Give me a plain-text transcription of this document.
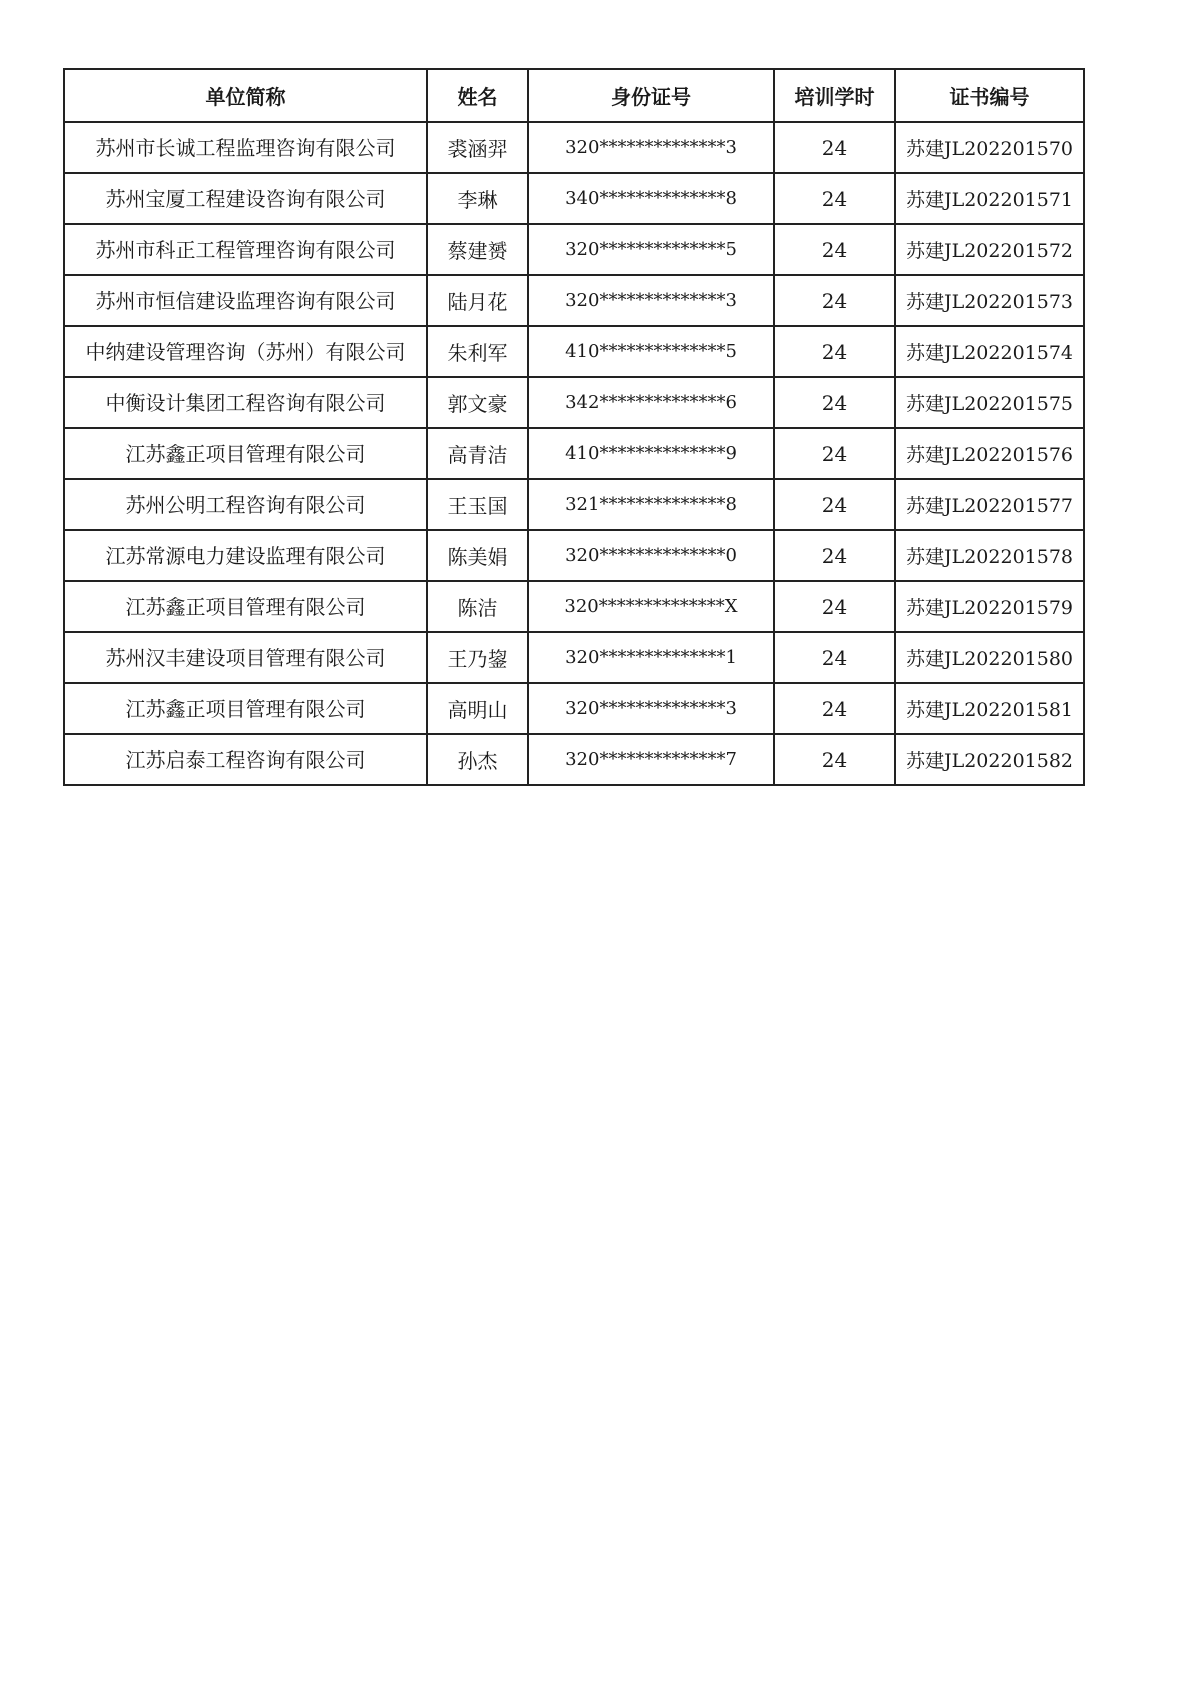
单位简称	姓名	身份证号	培训学时	证书编号
苏州市长诚工程监理咨询有限公司	裘涵羿	320**************3	24	苏建JL202201570
苏州宝厦工程建设咨询有限公司	李琳	340**************8	24	苏建JL202201571
苏州市科正工程管理咨询有限公司	蔡建赟	320**************5	24	苏建JL202201572
苏州市恒信建设监理咨询有限公司	陆月花	320**************3	24	苏建JL202201573
中纳建设管理咨询（苏州）有限公司	朱利军	410**************5	24	苏建JL202201574
中衡设计集团工程咨询有限公司	郭文豪	342**************6	24	苏建JL202201575
江苏鑫正项目管理有限公司	高青洁	410**************9	24	苏建JL202201576
苏州公明工程咨询有限公司	王玉国	321**************8	24	苏建JL202201577
江苏常源电力建设监理有限公司	陈美娟	320**************0	24	苏建JL202201578
江苏鑫正项目管理有限公司	陈洁	320**************X	24	苏建JL202201579
苏州汉丰建设项目管理有限公司	王乃鋆	320**************1	24	苏建JL202201580
江苏鑫正项目管理有限公司	高明山	320**************3	24	苏建JL202201581
江苏启泰工程咨询有限公司	孙杰	320**************7	24	苏建JL202201582
